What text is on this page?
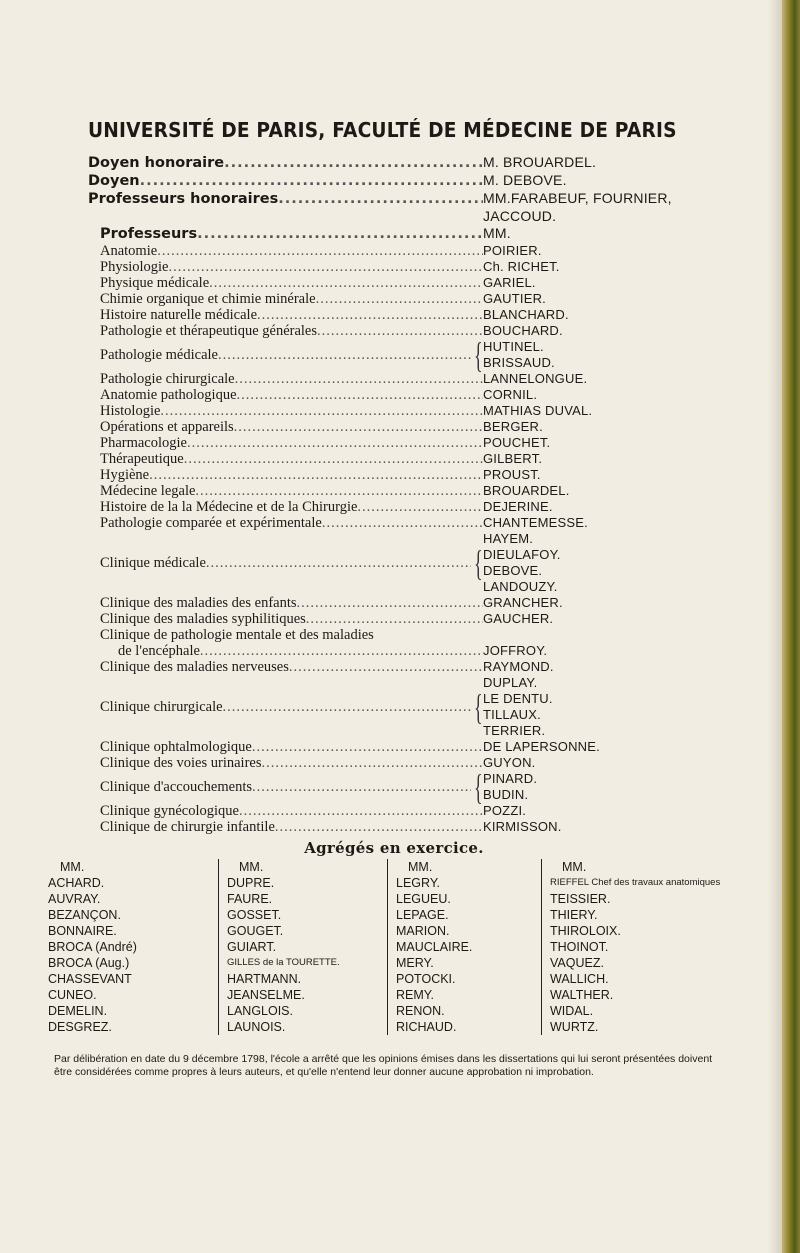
UNIVERSITÉ DE PARIS, FACULTÉ DE MÉDECINE DE PARIS
Doyen honoraire .....	M. BROUARDEL.
Doyen .....	M. DEBOVE.
Professeurs honoraires .....	MM.FARABEUF, FOURNIER,
JACCOUD.
Professeurs .....	MM.
Anatomie .....	POIRIER.
Physiologie .....	Ch. RICHET.
Physique médicale .....	GARIEL.
Chimie organique et chimie minérale .....	GAUTIER.
Histoire naturelle médicale .....	BLANCHARD.
Pathologie et thérapeutique générales .....	BOUCHARD.
Pathologie médicale .....	{ HUTINEL.
BRISSAUD.
Pathologie chirurgicale .....	LANNELONGUE.
Anatomie pathologique .....	CORNIL.
Histologie .....	MATHIAS DUVAL.
Opérations et appareils .....	BERGER.
Pharmacologie .....	POUCHET.
Thérapeutique .....	GILBERT.
Hygiène .....	PROUST.
Médecine legale .....	BROUARDEL.
Histoire de la la Médecine et de la Chirurgie .....	DEJERINE.
Pathologie comparée et expérimentale .....	CHANTEMESSE.
Clinique médicale .....	{
HAYEM.
DIEULAFOY.
DEBOVE.
LANDOUZY.
Clinique des maladies des enfants .....	GRANCHER.
Clinique des maladies syphilitiques .....	GAUCHER.
Clinique de pathologie mentale et des maladies
de l'encéphale .....	JOFFROY.
Clinique des maladies nerveuses .....	RAYMOND.
Clinique chirurgicale .....	{
DUPLAY.
LE DENTU.
TILLAUX.
TERRIER.
Clinique ophtalmologique .....	DE LAPERSONNE.
Clinique des voies urinaires .....	GUYON.
Clinique d'accouchements .....	{ PINARD.
BUDIN.
Clinique gynécologique .....	POZZI.
Clinique de chirurgie infantile .....	KIRMISSON.
Agrégés en exercice.
MM.
ACHARD.
AUVRAY.
BEZANÇON.
BONNAIRE.
BROCA (André)
BROCA (Aug.)
CHASSEVANT
CUNEO.
DEMELIN.
DESGREZ.
MM.
DUPRE.
FAURE.
GOSSET.
GOUGET.
GUIART.
GILLES de la TOURETTE.
HARTMANN.
JEANSELME.
LANGLOIS.
LAUNOIS.
MM.
LEGRY.
LEGUEU.
LEPAGE.
MARION.
MAUCLAIRE.
MERY.
POTOCKI.
REMY.
RENON.
RICHAUD.
MM.
RIEFFEL Chef des travaux anatomiques
TEISSIER.
THIERY.
THIROLOIX.
THOINOT.
VAQUEZ.
WALLICH.
WALTHER.
WIDAL.
WURTZ.
Par délibération en date du 9 décembre 1798, l'école a arrêté que les opinions émises dans les dissertations qui lui seront présentées doivent être considérées comme propres à leurs auteurs, et qu'elle n'entend leur donner aucune approbation ni improbation.
